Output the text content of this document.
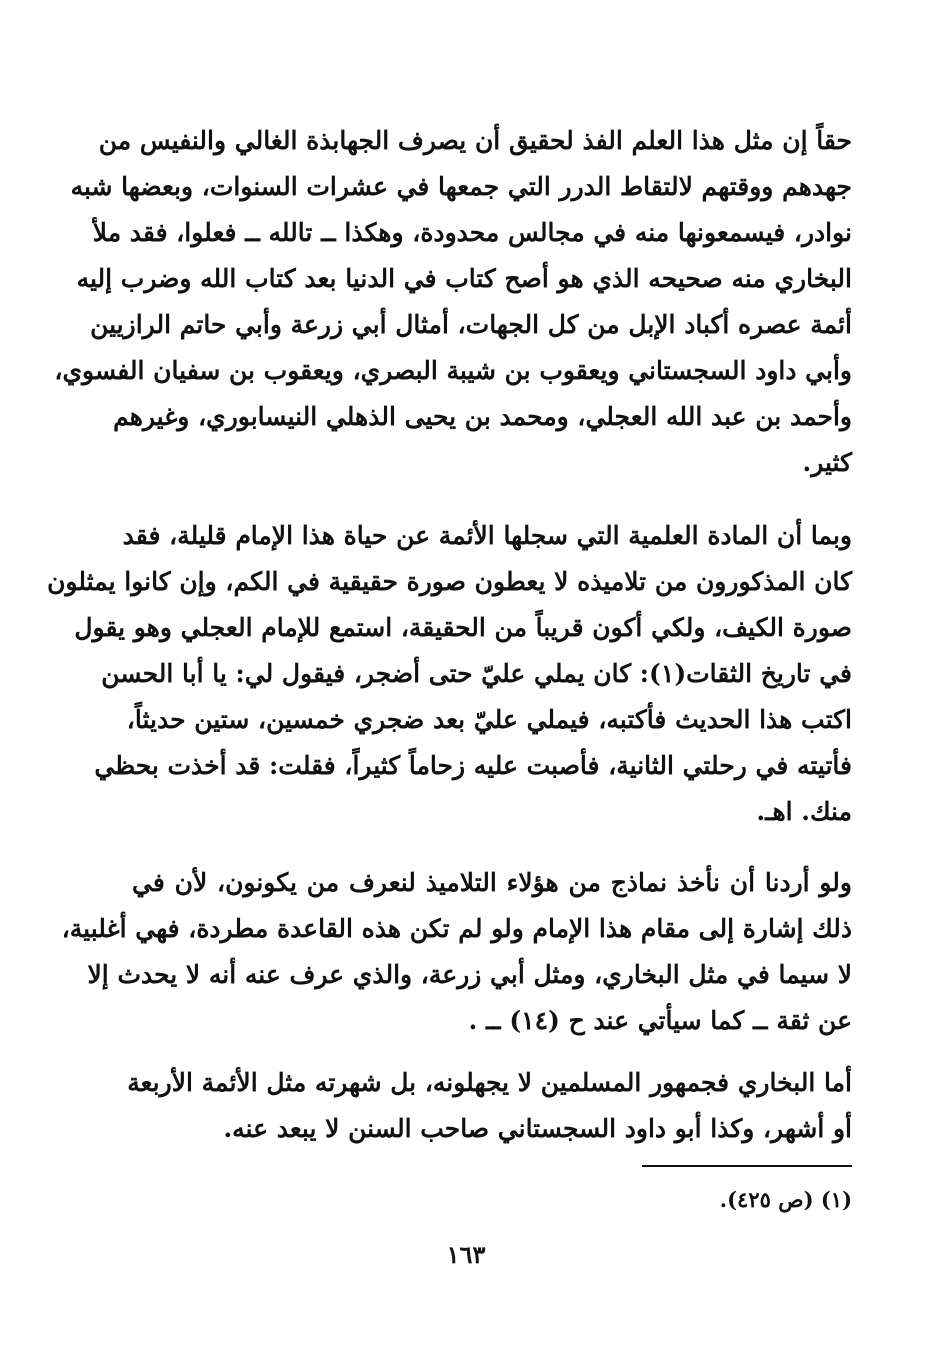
حقاً إن مثل هذا العلم الفذ لحقيق أن يصرف الجهابذة الغالي والنفيس من
جهدهم ووقتهم لالتقاط الدرر التي جمعها في عشرات السنوات، وبعضها شبه
نوادر، فيسمعونها منه في مجالس محدودة، وهكذا ــ تالله ــ فعلوا، فقد ملأ
البخاري منه صحيحه الذي هو أصح كتاب في الدنيا بعد كتاب الله وضرب إليه
أئمة عصره أكباد الإبل من كل الجهات، أمثال أبي زرعة وأبي حاتم الرازيين
وأبي داود السجستاني ويعقوب بن شيبة البصري، ويعقوب بن سفيان الفسوي،
وأحمد بن عبد الله العجلي، ومحمد بن يحيى الذهلي النيسابوري، وغيرهم
كثير.
وبما أن المادة العلمية التي سجلها الأئمة عن حياة هذا الإمام قليلة، فقد
كان المذكورون من تلاميذه لا يعطون صورة حقيقية في الكم، وإن كانوا يمثلون
صورة الكيف، ولكي أكون قريباً من الحقيقة، استمع للإمام العجلي وهو يقول
في تاريخ الثقات(١): كان يملي عليّ حتى أضجر، فيقول لي: يا أبا الحسن
اكتب هذا الحديث فأكتبه، فيملي عليّ بعد ضجري خمسين، ستين حديثاً،
فأتيته في رحلتي الثانية، فأصبت عليه زحاماً كثيراً، فقلت: قد أخذت بحظي
منك. اهـ.
ولو أردنا أن نأخذ نماذج من هؤلاء التلاميذ لنعرف من يكونون، لأن في
ذلك إشارة إلى مقام هذا الإمام ولو لم تكن هذه القاعدة مطردة، فهي أغلبية،
لا سيما في مثل البخاري، ومثل أبي زرعة، والذي عرف عنه أنه لا يحدث إلا
عن ثقة ــ كما سيأتي عند ح (١٤) ــ .
أما البخاري فجمهور المسلمين لا يجهلونه، بل شهرته مثل الأئمة الأربعة
أو أشهر، وكذا أبو داود السجستاني صاحب السنن لا يبعد عنه.
(١) (ص ٤٢٥).
١٦٣
